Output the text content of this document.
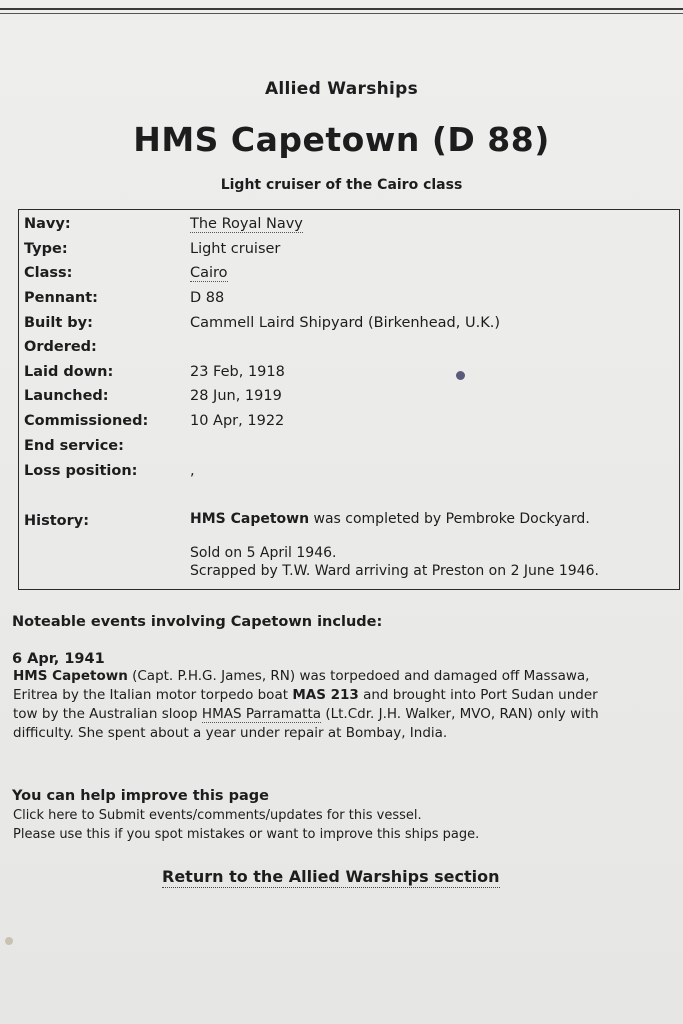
Allied Warships
HMS Capetown (D 88)
Light cruiser of the Cairo class
Navy:	The Royal Navy
Type:	Light cruiser
Class:	Cairo
Pennant:	D 88
Built by:	Cammell Laird Shipyard (Birkenhead, U.K.)
Ordered:
Laid down:	23 Feb, 1918
Launched:	28 Jun, 1919
Commissioned:	10 Apr, 1922
End service:
Loss position:	,
History:	HMS Capetown was completed by Pembroke Dockyard.
Sold on 5 April 1946.
Scrapped by T.W. Ward arriving at Preston on 2 June 1946.
Noteable events involving Capetown include:
6 Apr, 1941
HMS Capetown (Capt. P.H.G. James, RN) was torpedoed and damaged off Massawa, Eritrea by the Italian motor torpedo boat MAS 213 and brought into Port Sudan under tow by the Australian sloop HMAS Parramatta (Lt.Cdr. J.H. Walker, MVO, RAN) only with difficulty. She spent about a year under repair at Bombay, India.
You can help improve this page
Click here to Submit events/comments/updates for this vessel.
Please use this if you spot mistakes or want to improve this ships page.
Return to the Allied Warships section
